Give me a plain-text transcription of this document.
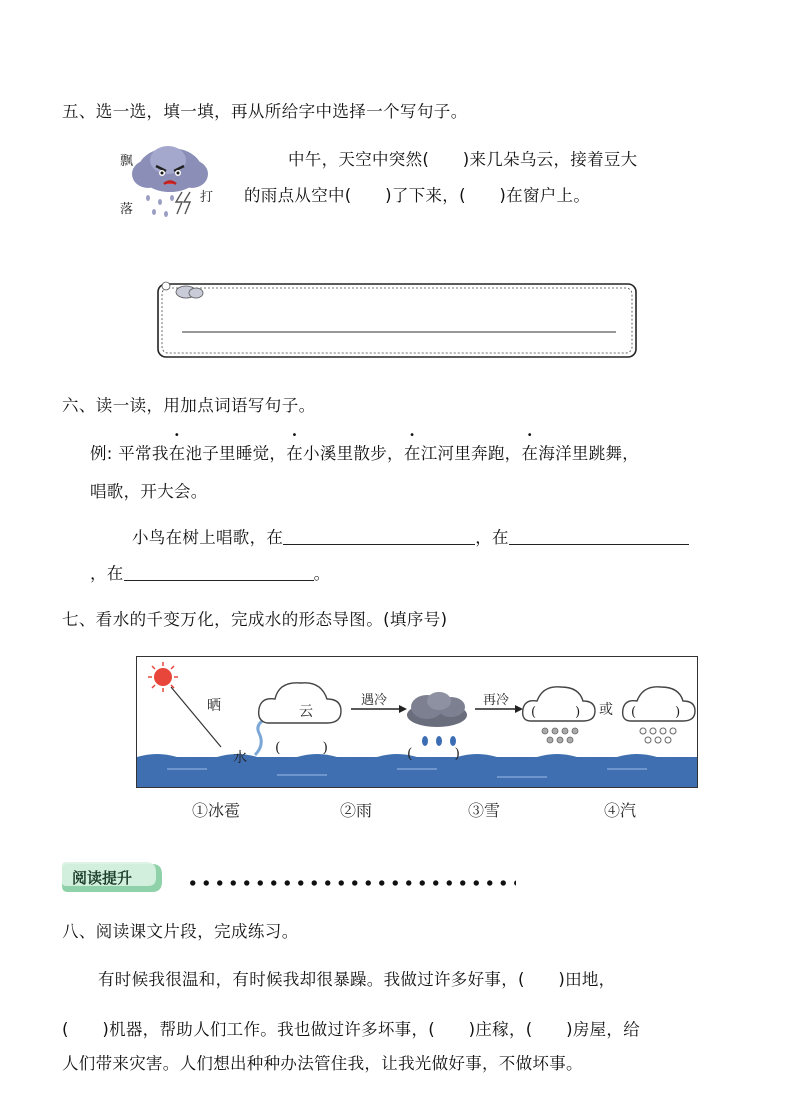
五、选一选，填一填，再从所给字中选择一个写句子。
飘
落
打
中午，天空中突然(　　)来几朵乌云，接着豆大
的雨点从空中(　　)了下来，(　　)在窗户上。
六、读一读，用加点词语写句子。
例: 平常我在
•
池子里睡觉，在
•
小溪里散步，在
•
江河里奔跑，在
•
海洋里跳舞，
唱歌，开大会。
小鸟在树上唱歌，在	，在
，在	。
七、看水的千变万化，完成水的形态导图。(填序号)
晒
水
云
遇冷	再冷
或
(　　　)	(　　　)
(　　　)	(　　　)
①冰雹	②雨	③雪	④汽
阅读提升
八、阅读课文片段，完成练习。
有时候我很温和，有时候我却很暴躁。我做过许多好事，(　　)田地，
(　　)机器，帮助人们工作。我也做过许多坏事，(　　)庄稼，(　　)房屋，给
人们带来灾害。人们想出种种办法管住我，让我光做好事，不做坏事。
